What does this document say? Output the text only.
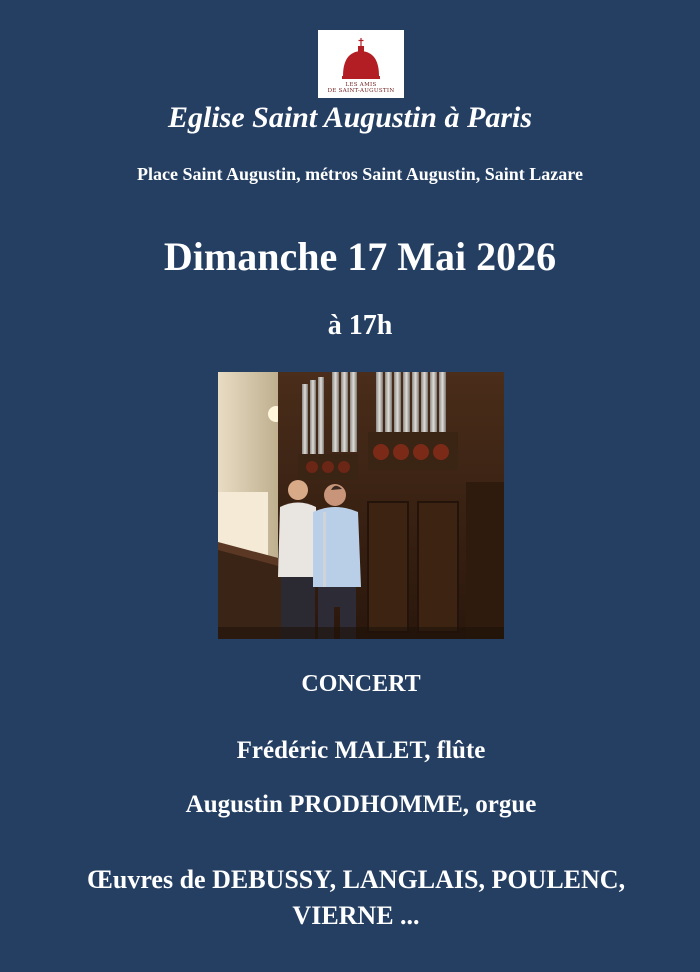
LES AMIS
DE SAINT-AUGUSTIN
Eglise Saint Augustin à Paris
Place Saint Augustin, métros Saint Augustin, Saint Lazare
Dimanche 17 Mai 2026
à 17h
CONCERT
Frédéric MALET, flûte
Augustin PRODHOMME, orgue
Œuvres de DEBUSSY, LANGLAIS, POULENC,
VIERNE ...
